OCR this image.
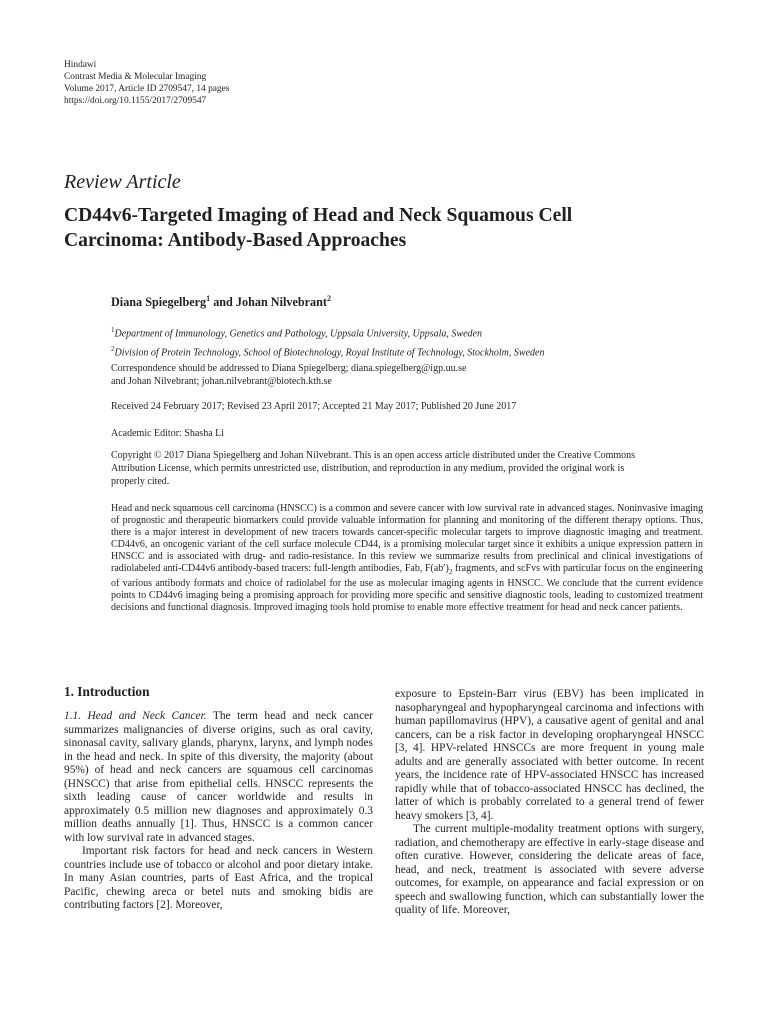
Hindawi
Contrast Media & Molecular Imaging
Volume 2017, Article ID 2709547, 14 pages
https://doi.org/10.1155/2017/2709547
Review Article
CD44v6-Targeted Imaging of Head and Neck Squamous Cell
Carcinoma: Antibody-Based Approaches
Diana Spiegelberg$^1$ and Johan Nilvebrant$^2$
$^1$Department of Immunology, Genetics and Pathology, Uppsala University, Uppsala, Sweden
$^2$Division of Protein Technology, School of Biotechnology, Royal Institute of Technology, Stockholm, Sweden
Correspondence should be addressed to Diana Spiegelberg; diana.spiegelberg@igp.uu.se
and Johan Nilvebrant; johan.nilvebrant@biotech.kth.se
Received 24 February 2017; Revised 23 April 2017; Accepted 21 May 2017; Published 20 June 2017
Academic Editor: Shasha Li
Copyright © 2017 Diana Spiegelberg and Johan Nilvebrant. This is an open access article distributed under the Creative Commons
Attribution License, which permits unrestricted use, distribution, and reproduction in any medium, provided the original work is
properly cited.
Head and neck squamous cell carcinoma (HNSCC) is a common and severe cancer with low survival rate in advanced stages. Noninvasive imaging of prognostic and therapeutic biomarkers could provide valuable information for planning and monitoring of the different therapy options. Thus, there is a major interest in development of new tracers towards cancer-specific molecular targets to improve diagnostic imaging and treatment. CD44v6, an oncogenic variant of the cell surface molecule CD44, is a promising molecular target since it exhibits a unique expression pattern in HNSCC and is associated with drug- and radio-resistance. In this review we summarize results from preclinical and clinical investigations of radiolabeled anti-CD44v6 antibody-based tracers: full-length antibodies, Fab, $F(ab')_2$ fragments, and scFvs with particular focus on the engineering of various antibody formats and choice of radiolabel for the use as molecular imaging agents in HNSCC. We conclude that the current evidence points to CD44v6 imaging being a promising approach for providing more specific and sensitive diagnostic tools, leading to customized treatment decisions and functional diagnosis. Improved imaging tools hold promise to enable more effective treatment for head and neck cancer patients.
1. Introduction

1.1. Head and Neck Cancer. The term head and neck cancer summarizes malignancies of diverse origins, such as oral cavity, sinonasal cavity, salivary glands, pharynx, larynx, and lymph nodes in the head and neck. In spite of this diversity, the majority (about 95%) of head and neck cancers are squamous cell carcinomas (HNSCC) that arise from epithelial cells. HNSCC represents the sixth leading cause of cancer worldwide and results in approximately 0.5 million new diagnoses and approximately 0.3 million deaths annually [1]. Thus, HNSCC is a common cancer with low survival rate in advanced stages.

Important risk factors for head and neck cancers in Western countries include use of tobacco or alcohol and poor dietary intake. In many Asian countries, parts of East Africa, and the tropical Pacific, chewing areca or betel nuts and smoking bidis are contributing factors [2]. Moreover,

exposure to Epstein-Barr virus (EBV) has been implicated in nasopharyngeal and hypopharyngeal carcinoma and infections with human papillomavirus (HPV), a causative agent of genital and anal cancers, can be a risk factor in developing oropharyngeal HNSCC [3, 4]. HPV-related HNSCCs are more frequent in young male adults and are generally associated with better outcome. In recent years, the incidence rate of HPV-associated HNSCC has increased rapidly while that of tobacco-associated HNSCC has declined, the latter of which is probably correlated to a general trend of fewer heavy smokers [3, 4].

The current multiple-modality treatment options with surgery, radiation, and chemotherapy are effective in early-stage disease and often curative. However, considering the delicate areas of face, head, and neck, treatment is associated with severe adverse outcomes, for example, on appearance and facial expression or on speech and swallowing function, which can substantially lower the quality of life. Moreover,
